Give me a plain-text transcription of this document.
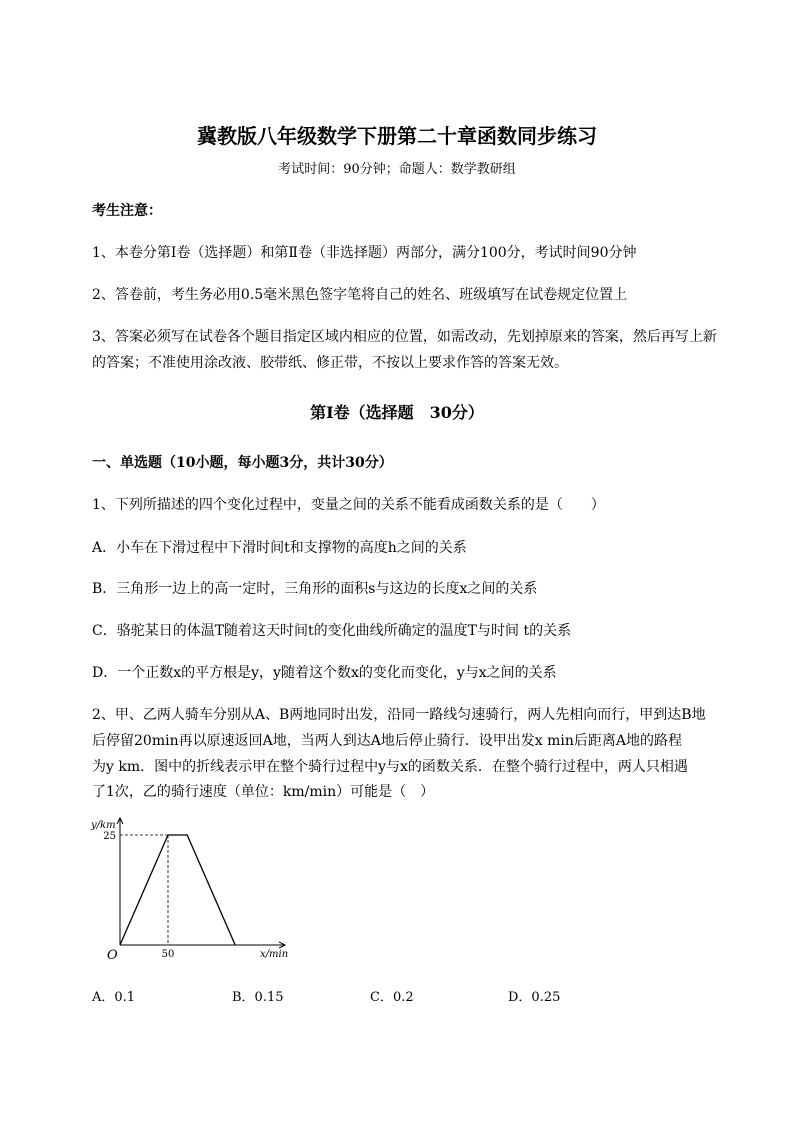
冀教版八年级数学下册第二十章函数同步练习
考试时间：90分钟；命题人：数学教研组
考生注意：
1、本卷分第I卷（选择题）和第Ⅱ卷（非选择题）两部分，满分100分，考试时间90分钟
2、答卷前，考生务必用0.5毫米黑色签字笔将自己的姓名、班级填写在试卷规定位置上
3、答案必须写在试卷各个题目指定区域内相应的位置，如需改动，先划掉原来的答案，然后再写上新
的答案；不准使用涂改液、胶带纸、修正带，不按以上要求作答的答案无效。
第I卷（选择题　30分）
一、单选题（10小题，每小题3分，共计30分）
1、下列所描述的四个变化过程中，变量之间的关系不能看成函数关系的是（　　）
A．小车在下滑过程中下滑时间t和支撑物的高度h之间的关系
B．三角形一边上的高一定时，三角形的面积s与这边的长度x之间的关系
C．骆驼某日的体温T随着这天时间t的变化曲线所确定的温度T与时间 t的关系
D．一个正数x的平方根是y，y随着这个数x的变化而变化，y与x之间的关系
2、甲、乙两人骑车分别从A、B两地同时出发，沿同一路线匀速骑行，两人先相向而行，甲到达B地
后停留20min再以原速返回A地，当两人到达A地后停止骑行．设甲出发x min后距离A地的路程
为y km．图中的折线表示甲在整个骑行过程中y与x的函数关系．在整个骑行过程中，两人只相遇
了1次，乙的骑行速度（单位：km/min）可能是（　）
y/km
x/min
O	50
25
A．0.1	B．0.15	C．0.2	D．0.25
